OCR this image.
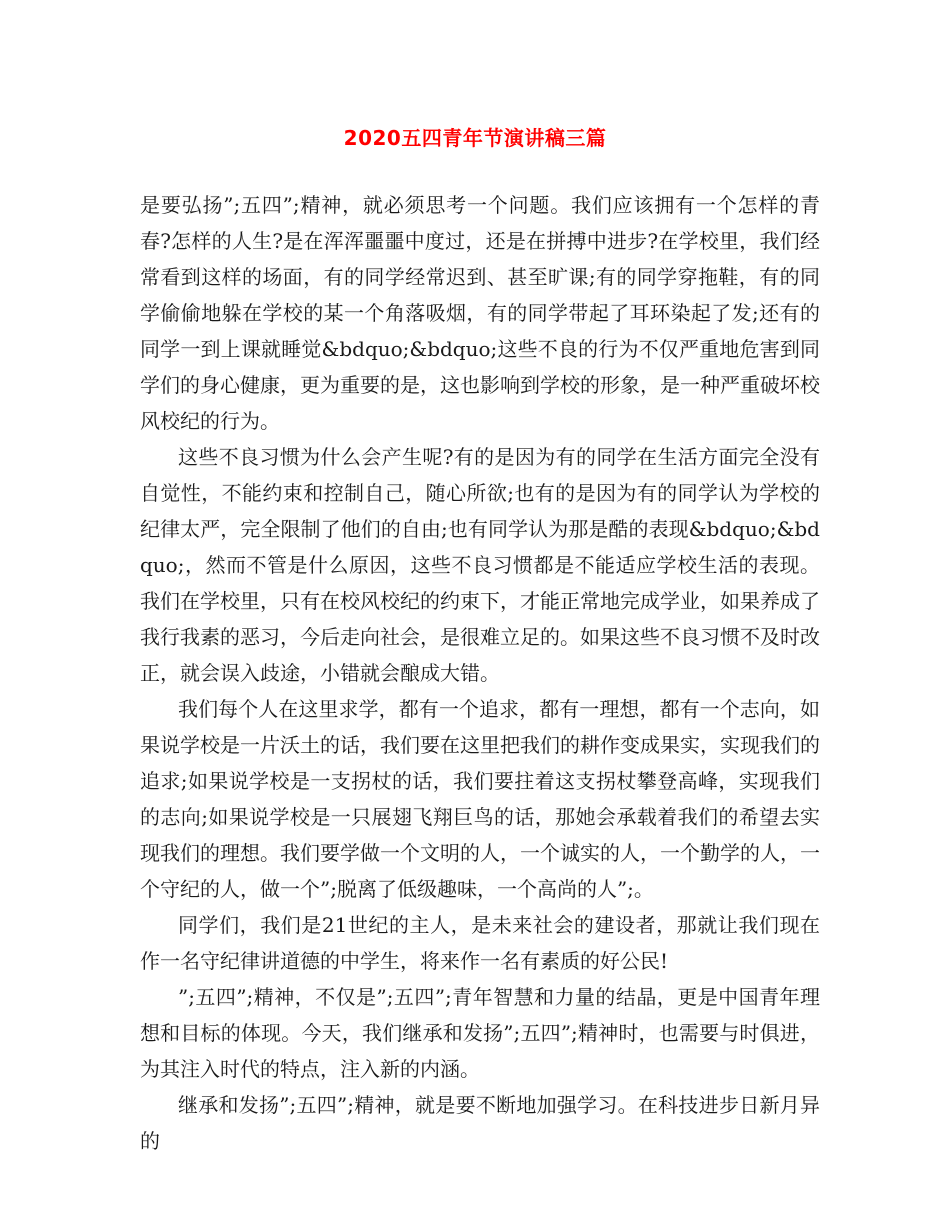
2020五四青年节演讲稿三篇

是要弘扬”;五四”;精神，就必须思考一个问题。我们应该拥有一个怎样的青春?怎样的人生?是在浑浑噩噩中度过，还是在拼搏中进步?在学校里，我们经常看到这样的场面，有的同学经常迟到、甚至旷课;有的同学穿拖鞋，有的同学偷偷地躲在学校的某一个角落吸烟，有的同学带起了耳环染起了发;还有的同学一到上课就睡觉&bdquo;&bdquo;这些不良的行为不仅严重地危害到同学们的身心健康，更为重要的是，这也影响到学校的形象，是一种严重破坏校风校纪的行为。

这些不良习惯为什么会产生呢?有的是因为有的同学在生活方面完全没有自觉性，不能约束和控制自己，随心所欲;也有的是因为有的同学认为学校的纪律太严，完全限制了他们的自由;也有同学认为那是酷的表现&bdquo;&bdquo;，然而不管是什么原因，这些不良习惯都是不能适应学校生活的表现。我们在学校里，只有在校风校纪的约束下，才能正常地完成学业，如果养成了我行我素的恶习，今后走向社会，是很难立足的。如果这些不良习惯不及时改正，就会误入歧途，小错就会酿成大错。

我们每个人在这里求学，都有一个追求，都有一理想，都有一个志向，如果说学校是一片沃土的话，我们要在这里把我们的耕作变成果实，实现我们的追求;如果说学校是一支拐杖的话，我们要拄着这支拐杖攀登高峰，实现我们的志向;如果说学校是一只展翅飞翔巨鸟的话，那她会承载着我们的希望去实现我们的理想。我们要学做一个文明的人，一个诚实的人，一个勤学的人，一个守纪的人，做一个”;脱离了低级趣味，一个高尚的人”;。

同学们，我们是21世纪的主人，是未来社会的建设者，那就让我们现在作一名守纪律讲道德的中学生，将来作一名有素质的好公民!

”;五四”;精神，不仅是”;五四”;青年智慧和力量的结晶，更是中国青年理想和目标的体现。今天，我们继承和发扬”;五四”;精神时，也需要与时俱进，为其注入时代的特点，注入新的内涵。

继承和发扬”;五四”;精神，就是要不断地加强学习。在科技进步日新月异的
